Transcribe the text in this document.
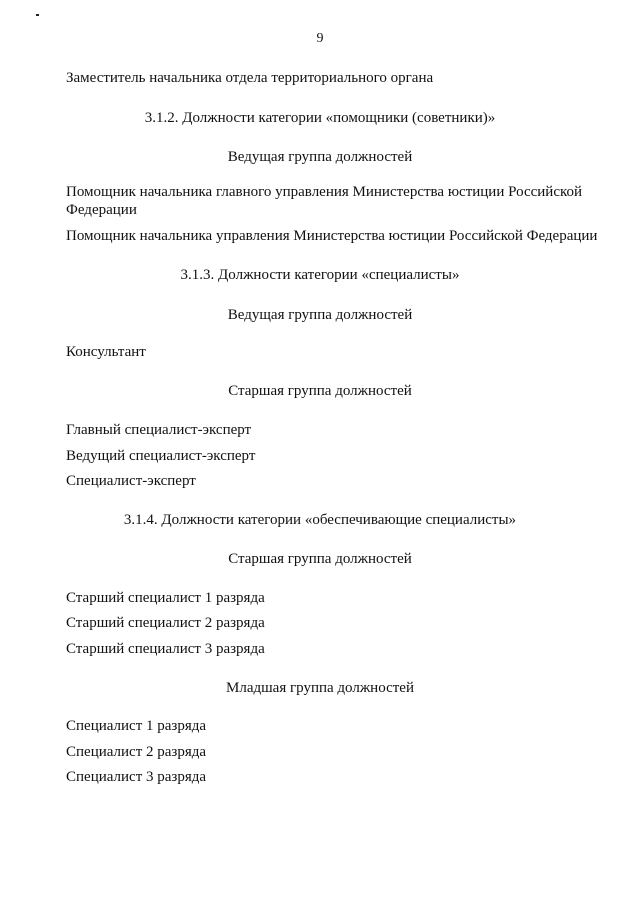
9
Заместитель начальника отдела территориального органа
3.1.2. Должности категории «помощники (советники)»
Ведущая группа должностей
Помощник начальника главного управления Министерства юстиции Российской Федерации
Помощник начальника управления Министерства юстиции Российской Федерации
3.1.3. Должности категории «специалисты»
Ведущая группа должностей
Консультант
Старшая группа должностей
Главный специалист-эксперт
Ведущий специалист-эксперт
Специалист-эксперт
3.1.4. Должности категории «обеспечивающие специалисты»
Старшая группа должностей
Старший специалист 1 разряда
Старший специалист 2 разряда
Старший специалист 3 разряда
Младшая группа должностей
Специалист 1 разряда
Специалист 2 разряда
Специалист 3 разряда
